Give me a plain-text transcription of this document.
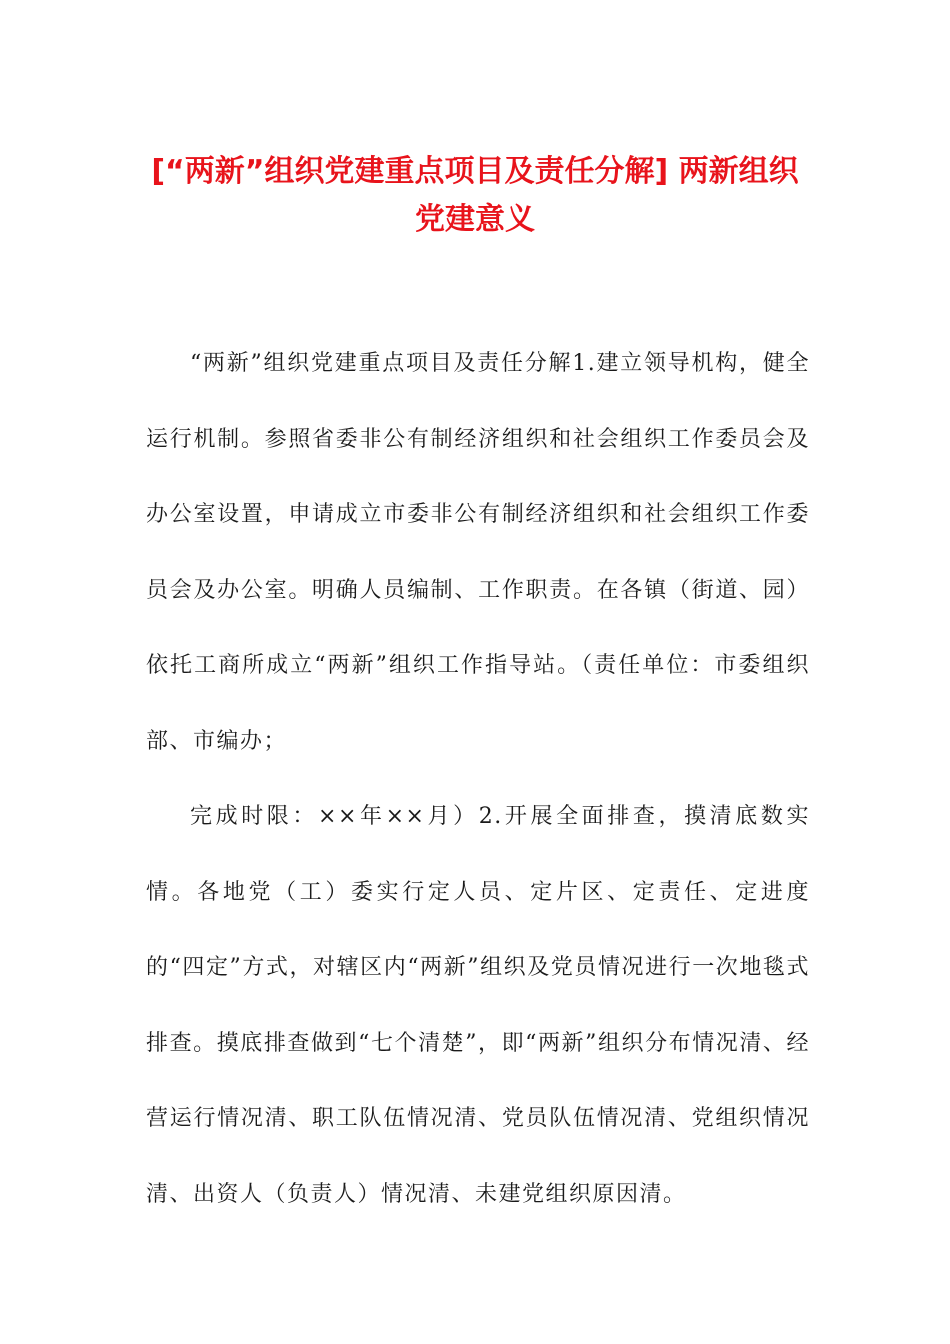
[“两新”组织党建重点项目及责任分解] 两新组织党建意义

“两新”组织党建重点项目及责任分解1.建立领导机构，健全运行机制。参照省委非公有制经济组织和社会组织工作委员会及办公室设置，申请成立市委非公有制经济组织和社会组织工作委员会及办公室。明确人员编制、工作职责。在各镇（街道、园）依托工商所成立“两新”组织工作指导站。（责任单位：市委组织部、市编办；

完成时限：××年××月）2.开展全面排查，摸清底数实情。各地党（工）委实行定人员、定片区、定责任、定进度的“四定”方式，对辖区内“两新”组织及党员情况进行一次地毯式排查。摸底排查做到“七个清楚”，即“两新”组织分布情况清、经营运行情况清、职工队伍情况清、党员队伍情况清、党组织情况清、出资人（负责人）情况清、未建党组织原因清。
